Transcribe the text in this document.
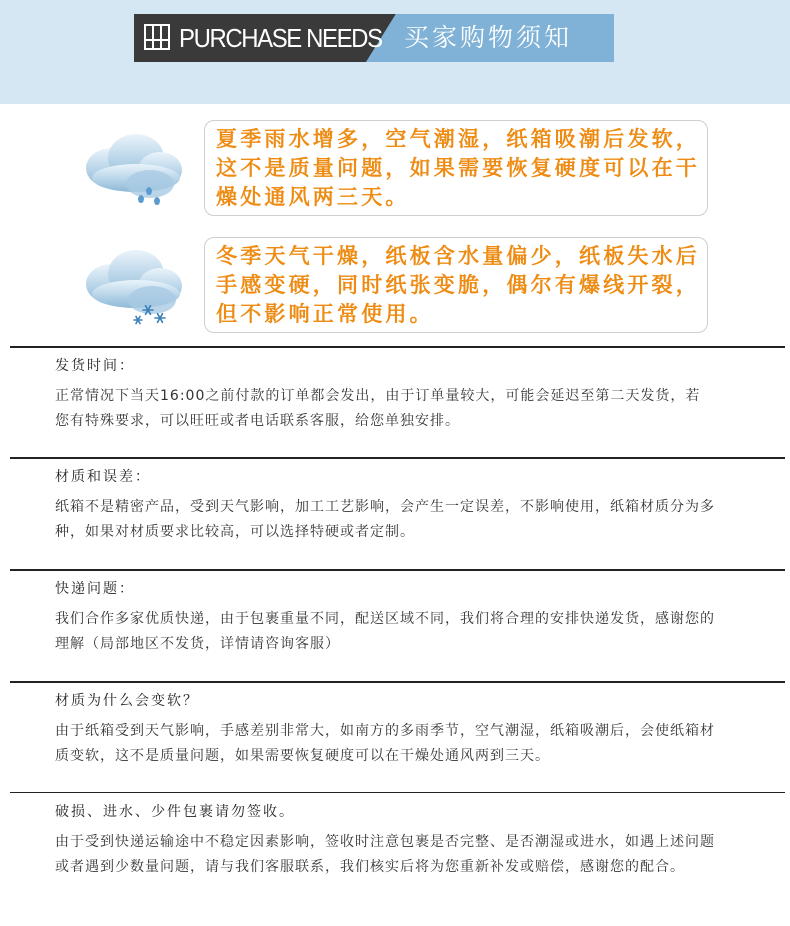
PURCHASE NEEDS 买家购物须知
夏季雨水增多，空气潮湿，纸箱吸潮后发软，这不是质量问题，如果需要恢复硬度可以在干燥处通风两三天。
冬季天气干燥，纸板含水量偏少，纸板失水后手感变硬，同时纸张变脆，偶尔有爆线开裂，但不影响正常使用。
发货时间：
正常情况下当天16:00之前付款的订单都会发出，由于订单量较大，可能会延迟至第二天发货，若您有特殊要求，可以旺旺或者电话联系客服，给您单独安排。
材质和误差：
纸箱不是精密产品，受到天气影响，加工工艺影响，会产生一定误差，不影响使用，纸箱材质分为多种，如果对材质要求比较高，可以选择特硬或者定制。
快递问题：
我们合作多家优质快递，由于包裹重量不同，配送区域不同，我们将合理的安排快递发货，感谢您的理解（局部地区不发货，详情请咨询客服）
材质为什么会变软？
由于纸箱受到天气影响，手感差别非常大，如南方的多雨季节，空气潮湿，纸箱吸潮后，会使纸箱材质变软，这不是质量问题，如果需要恢复硬度可以在干燥处通风两到三天。
破损、进水、少件包裹请勿签收。
由于受到快递运输途中不稳定因素影响，签收时注意包裹是否完整、是否潮湿或进水，如遇上述问题或者遇到少数量问题，请与我们客服联系，我们核实后将为您重新补发或赔偿，感谢您的配合。
